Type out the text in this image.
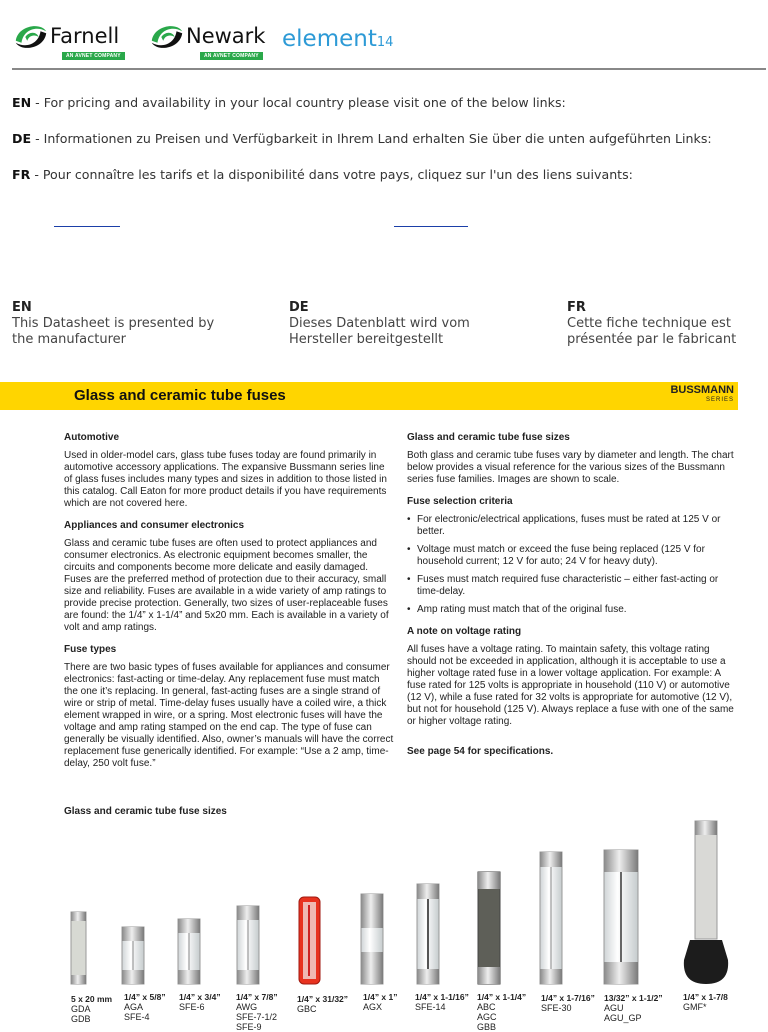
Farnell
AN AVNET COMPANY
Newark
AN AVNET COMPANY
element14
EN - For pricing and availability in your local country please visit one of the below links:
DE - Informationen zu Preisen und Verfügbarkeit in Ihrem Land erhalten Sie über die unten aufgeführten Links:
FR - Pour connaître les tarifs et la disponibilité dans votre pays, cliquez sur l'un des liens suivants:
EN
This Datasheet is presented by
the manufacturer
DE
Dieses Datenblatt wird vom
Hersteller bereitgestellt
FR
Cette fiche technique est
présentée par le fabricant
Glass and ceramic tube fuses	BUSSMANN
SERIES
Automotive

Used in older-model cars, glass tube fuses today are found primarily in automotive accessory applications. The expansive Bussmann series line of glass fuses includes many types and sizes in addition to those listed in this catalog. Call Eaton for more product details if you have requirements which are not covered here.

Appliances and consumer electronics

Glass and ceramic tube fuses are often used to protect appliances and consumer electronics. As electronic equipment becomes smaller, the circuits and components become more delicate and easily damaged. Fuses are the preferred method of protection due to their accuracy, small size and reliability. Fuses are available in a wide variety of amp ratings to provide precise protection. Generally, two sizes of user-replaceable fuses are found: the 1/4” x 1-1/4” and 5x20 mm. Each is available in a variety of volt and amp ratings.

Fuse types

There are two basic types of fuses available for appliances and consumer electronics: fast-acting or time-delay. Any replacement fuse must match the one it’s replacing. In general, fast-acting fuses are a single strand of wire or strip of metal. Time-delay fuses usually have a coiled wire, a thick element wrapped in wire, or a spring. Most electronic fuses will have the voltage and amp rating stamped on the end cap. The type of fuse can generally be visually identified. Also, owner’s manuals will have the correct replacement fuse generically identified. For example: “Use a 2 amp, time-delay, 250 volt fuse.”

Glass and ceramic tube fuse sizes

Both glass and ceramic tube fuses vary by diameter and length. The chart below provides a visual reference for the various sizes of the Bussmann series fuse families. Images are shown to scale.

Fuse selection criteria
• For electronic/electrical applications, fuses must be rated at 125 V or better.
• Voltage must match or exceed the fuse being replaced (125 V for household current; 12 V for auto; 24 V for heavy duty).
• Fuses must match required fuse characteristic – either fast-acting or time-delay.
• Amp rating must match that of the original fuse.
A note on voltage rating

All fuses have a voltage rating. To maintain safety, this voltage rating should not be exceeded in application, although it is acceptable to use a higher voltage rated fuse in a lower voltage application. For example: A fuse rated for 125 volts is appropriate in household (110 V) or automotive (12 V), while a fuse rated for 32 volts is appropriate for automotive (12 V), but not for household (125 V). Always replace a fuse with one of the same or higher voltage rating.

See page 54 for specifications.

Glass and ceramic tube fuse sizes
5 x 20 mm
GDA
GDB
1/4” x 5/8”
AGA
SFE-4
1/4” x 3/4”
SFE-6
1/4” x 7/8”
AWG
SFE-7-1/2
SFE-9
1/4” x 31/32”
GBC
1/4” x 1”
AGX
1/4” x 1-1/16”
SFE-14
1/4” x 1-1/4”
ABC
AGC
GBB
1/4” x 1-7/16”
SFE-30
13/32” x 1-1/2”
AGU
AGU_GP
1/4” x 1-7/8
GMF*
